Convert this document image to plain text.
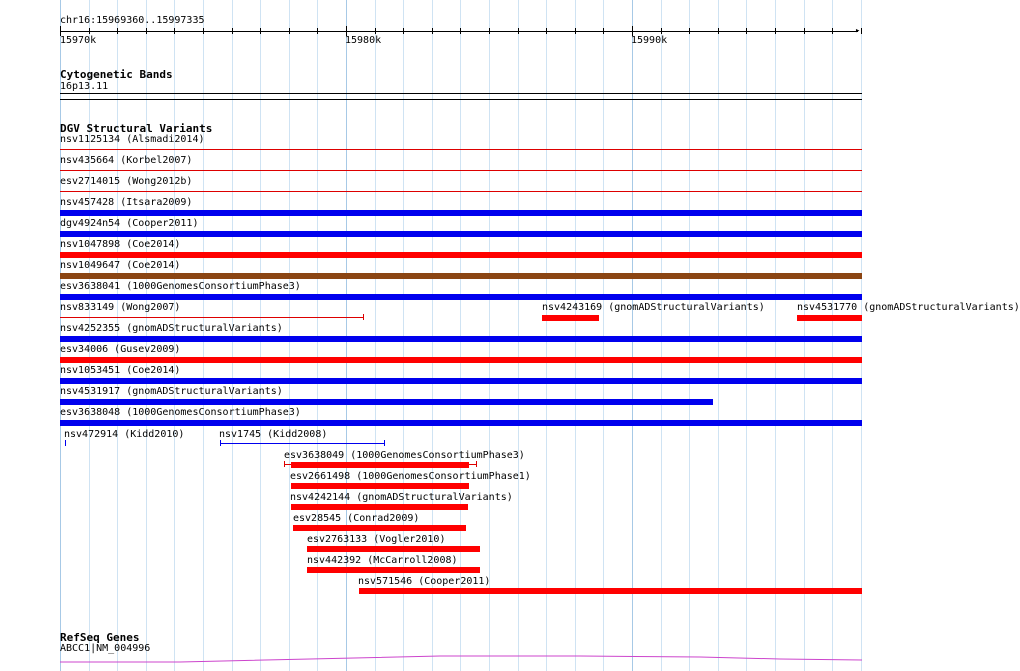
chr16:15969360..15997335
▸
15970k	15980k	15990k
Cytogenetic Bands
16p13.11
DGV Structural Variants
nsv1125134 (Alsmadi2014)
nsv435664 (Korbel2007)
esv2714015 (Wong2012b)
nsv457428 (Itsara2009)
dgv4924n54 (Cooper2011)
nsv1047898 (Coe2014)
nsv1049647 (Coe2014)
esv3638041 (1000GenomesConsortiumPhase3)
nsv833149 (Wong2007)	nsv4243169 (gnomADStructuralVariants)	nsv4531770 (gnomADStructuralVariants)
nsv4252355 (gnomADStructuralVariants)
esv34006 (Gusev2009)
nsv1053451 (Coe2014)
nsv4531917 (gnomADStructuralVariants)
esv3638048 (1000GenomesConsortiumPhase3)
nsv472914 (Kidd2010)	nsv1745 (Kidd2008)
esv3638049 (1000GenomesConsortiumPhase3)
esv2661498 (1000GenomesConsortiumPhase1)
nsv4242144 (gnomADStructuralVariants)
esv28545 (Conrad2009)
esv2763133 (Vogler2010)
nsv442392 (McCarroll2008)
nsv571546 (Cooper2011)
RefSeq Genes
ABCC1|NM_004996
